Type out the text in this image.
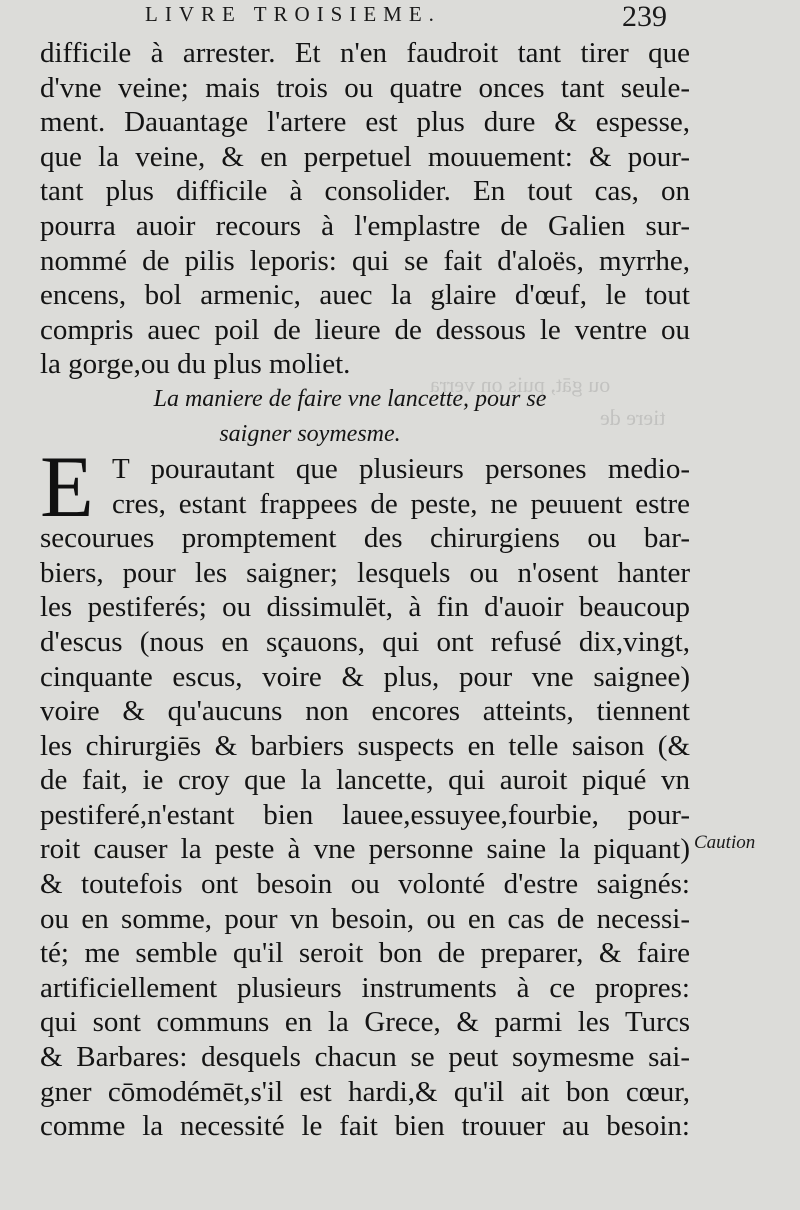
ou gāt, puis on verra
tiere de
LIVRE TROISIEME.	239
difficile à arrester. Et n'en faudroit tant tirer que
d'vne veine; mais trois ou quatre onces tant seule-
ment. Dauantage l'artere est plus dure & espesse,
que la veine, & en perpetuel mouuement: & pour-
tant plus difficile à consolider. En tout cas, on
pourra auoir recours à l'emplastre de Galien sur-
nommé de pilis leporis: qui se fait d'aloës, myrrhe,
encens, bol armenic, auec la glaire d'œuf, le tout
compris auec poil de lieure de dessous le ventre ou
la gorge,ou du plus moliet.
La maniere de faire vne lancette, pour se
saigner soymesme.
E T pourautant que plusieurs persones medio-
cres, estant frappees de peste, ne peuuent estre
secourues promptement des chirurgiens ou bar-
biers, pour les saigner; lesquels ou n'osent hanter
les pestiferés; ou dissimulēt, à fin d'auoir beaucoup
d'escus (nous en sçauons, qui ont refusé dix,vingt,
cinquante escus, voire & plus, pour vne saignee)
voire & qu'aucuns non encores atteints, tiennent
les chirurgiēs & barbiers suspects en telle saison (&
de fait, ie croy que la lancette, qui auroit piqué vn
pestiferé,n'estant bien lauee,essuyee,fourbie, pour-
roit causer la peste à vne personne saine la piquant)
& toutefois ont besoin ou volonté d'estre saignés:
ou en somme, pour vn besoin, ou en cas de necessi-
té; me semble qu'il seroit bon de preparer, & faire
artificiellement plusieurs instruments à ce propres:
qui sont communs en la Grece, & parmi les Turcs
& Barbares: desquels chacun se peut soymesme sai-
gner cōmodémēt,s'il est hardi,& qu'il ait bon cœur,
comme la necessité le fait bien trouuer au besoin:
Caution
